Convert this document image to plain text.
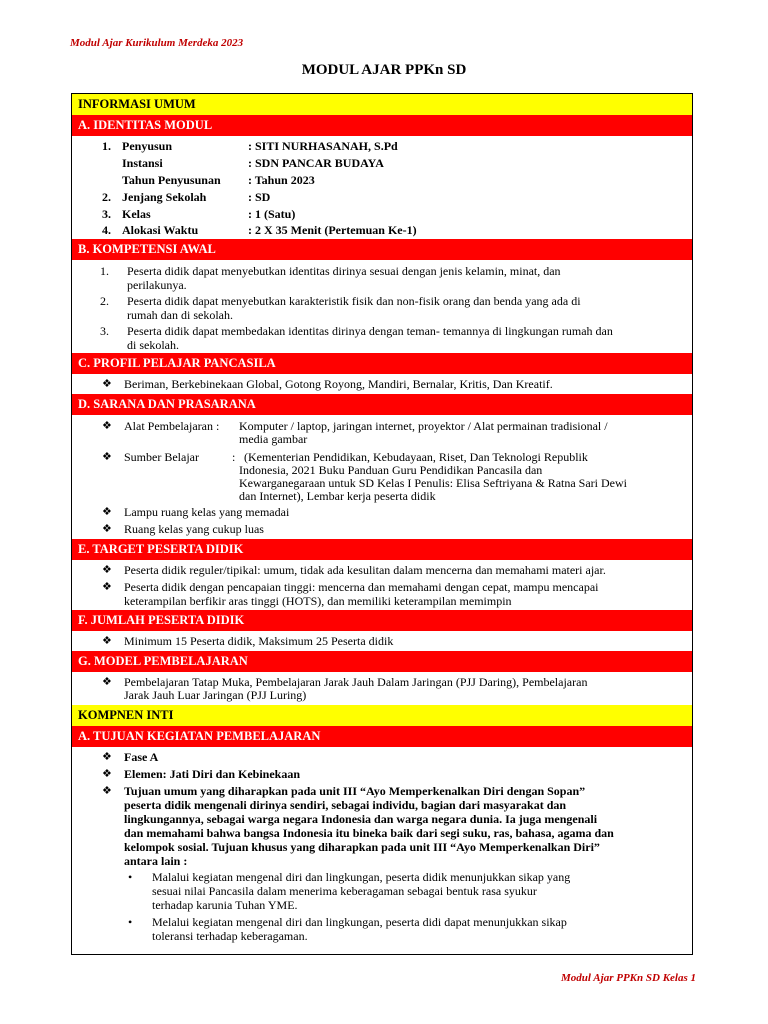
Modul Ajar Kurikulum Merdeka 2023
MODUL AJAR PPKn SD
INFORMASI UMUM
A. IDENTITAS MODUL
1. Penyusun	: SITI NURHASANAH, S.Pd
Instansi	: SDN PANCAR BUDAYA
Tahun Penyusunan : Tahun 2023
2. Jenjang Sekolah	: SD
3. Kelas	: 1 (Satu)
4. Alokasi Waktu	: 2 X 35 Menit (Pertemuan Ke-1)
B. KOMPETENSI AWAL
1. Peserta didik dapat menyebutkan identitas dirinya sesuai dengan jenis kelamin, minat, dan
perilakunya.
2. Peserta didik dapat menyebutkan karakteristik fisik dan non-fisik orang dan benda yang ada di
rumah dan di sekolah.
3. Peserta didik dapat membedakan identitas dirinya dengan teman- temannya di lingkungan rumah dan
di sekolah.
C. PROFIL PELAJAR PANCASILA
❖ Beriman, Berkebinekaan Global, Gotong Royong, Mandiri, Bernalar, Kritis, Dan Kreatif.
D. SARANA DAN PRASARANA
❖ Alat Pembelajaran : Komputer / laptop, jaringan internet, proyektor / Alat permainan tradisional /
media gambar
❖ Sumber Belajar	: (Kementerian Pendidikan, Kebudayaan, Riset, Dan Teknologi Republik
Indonesia, 2021 Buku Panduan Guru Pendidikan Pancasila dan
Kewarganegaraan untuk SD Kelas I Penulis: Elisa Seftriyana & Ratna Sari Dewi
dan Internet), Lembar kerja peserta didik
❖ Lampu ruang kelas yang memadai
❖ Ruang kelas yang cukup luas
E. TARGET PESERTA DIDIK
❖ Peserta didik reguler/tipikal: umum, tidak ada kesulitan dalam mencerna dan memahami materi ajar.
❖ Peserta didik dengan pencapaian tinggi: mencerna dan memahami dengan cepat, mampu mencapai
keterampilan berfikir aras tinggi (HOTS), dan memiliki keterampilan memimpin
F. JUMLAH PESERTA DIDIK
❖ Minimum 15 Peserta didik, Maksimum 25 Peserta didik
G. MODEL PEMBELAJARAN
❖ Pembelajaran Tatap Muka, Pembelajaran Jarak Jauh Dalam Jaringan (PJJ Daring), Pembelajaran
Jarak Jauh Luar Jaringan (PJJ Luring)
KOMPNEN INTI
A. TUJUAN KEGIATAN PEMBELAJARAN
❖ Fase A
❖ Elemen: Jati Diri dan Kebinekaan
❖ Tujuan umum yang diharapkan pada unit III “Ayo Memperkenalkan Diri dengan Sopan”
peserta didik mengenali dirinya sendiri, sebagai individu, bagian dari masyarakat dan
lingkungannya, sebagai warga negara Indonesia dan warga negara dunia. Ia juga mengenali
dan memahami bahwa bangsa Indonesia itu bineka baik dari segi suku, ras, bahasa, agama dan
kelompok sosial. Tujuan khusus yang diharapkan pada unit III “Ayo Memperkenalkan Diri”
antara lain :
• Malalui kegiatan mengenal diri dan lingkungan, peserta didik menunjukkan sikap yang
sesuai nilai Pancasila dalam menerima keberagaman sebagai bentuk rasa syukur
terhadap karunia Tuhan YME.
• Melalui kegiatan mengenal diri dan lingkungan, peserta didi dapat menunjukkan sikap
toleransi terhadap keberagaman.
Modul Ajar PPKn SD Kelas 1
